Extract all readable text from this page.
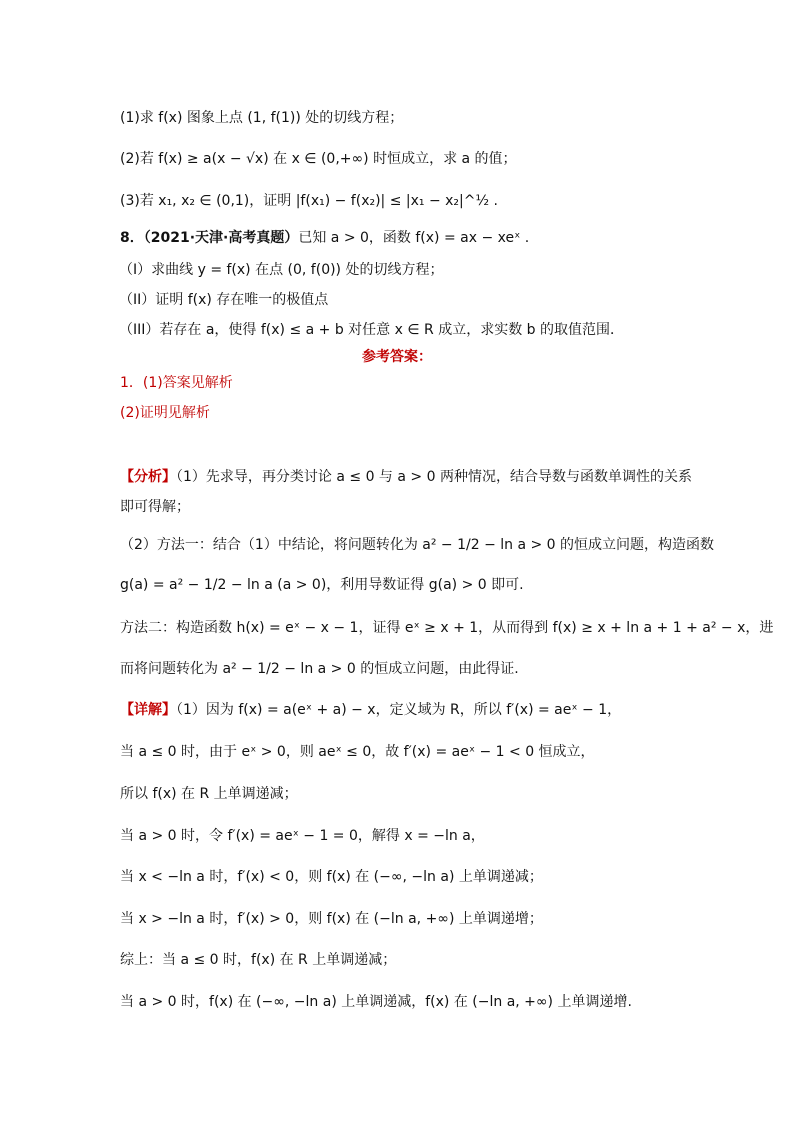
(1)求 f(x) 图象上点 (1, f(1)) 处的切线方程；
(2)若 f(x) ≥ a(x − √x) 在 x ∈ (0,+∞) 时恒成立，求 a 的值；
(3)若 x₁, x₂ ∈ (0,1)，证明 |f(x₁) − f(x₂)| ≤ |x₁ − x₂|^½ .
8．（2021·天津·高考真题）已知 a > 0，函数 f(x) = ax − xeˣ .
（I）求曲线 y = f(x) 在点 (0, f(0)) 处的切线方程；
（II）证明 f(x) 存在唯一的极值点
（III）若存在 a，使得 f(x) ≤ a + b 对任意 x ∈ R 成立，求实数 b 的取值范围．
参考答案：
1．(1)答案见解析
(2)证明见解析
【分析】（1）先求导，再分类讨论 a ≤ 0 与 a > 0 两种情况，结合导数与函数单调性的关系
即可得解；
（2）方法一：结合（1）中结论，将问题转化为 a² − 1/2 − ln a > 0 的恒成立问题，构造函数
g(a) = a² − 1/2 − ln a (a > 0)，利用导数证得 g(a) > 0 即可.
方法二：构造函数 h(x) = eˣ − x − 1，证得 eˣ ≥ x + 1，从而得到 f(x) ≥ x + ln a + 1 + a² − x，进
而将问题转化为 a² − 1/2 − ln a > 0 的恒成立问题，由此得证.
【详解】（1）因为 f(x) = a(eˣ + a) − x，定义域为 R，所以 f′(x) = aeˣ − 1，
当 a ≤ 0 时，由于 eˣ > 0，则 aeˣ ≤ 0，故 f′(x) = aeˣ − 1 < 0 恒成立，
所以 f(x) 在 R 上单调递减；
当 a > 0 时，令 f′(x) = aeˣ − 1 = 0，解得 x = −ln a，
当 x < −ln a 时，f′(x) < 0，则 f(x) 在 (−∞, −ln a) 上单调递减；
当 x > −ln a 时，f′(x) > 0，则 f(x) 在 (−ln a, +∞) 上单调递增；
综上：当 a ≤ 0 时，f(x) 在 R 上单调递减；
当 a > 0 时，f(x) 在 (−∞, −ln a) 上单调递减，f(x) 在 (−ln a, +∞) 上单调递增.
